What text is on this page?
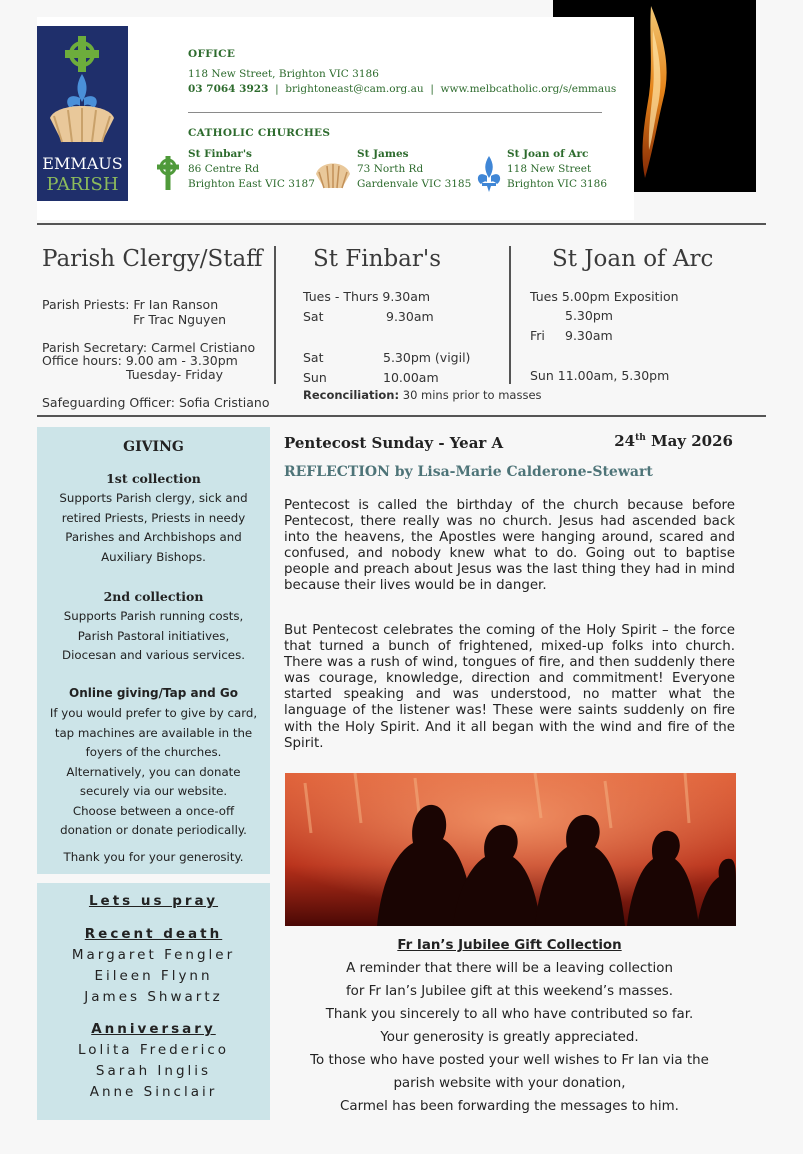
EMMAUS
PARISH
OFFICE
118 New Street, Brighton VIC 3186
03 7064 3923 | brightoneast@cam.org.au | www.melbcatholic.org/s/emmaus
CATHOLIC CHURCHES
St Finbar's
86 Centre Rd
Brighton East VIC 3187
St James
73 North Rd
Gardenvale VIC 3185
St Joan of Arc
118 New Street
Brighton VIC 3186
Parish Clergy/Staff
Parish Priests: Fr Ian Ranson
Fr Trac Nguyen
Parish Secretary: Carmel Cristiano
Office hours: 9.00 am - 3.30pm
Tuesday- Friday
Safeguarding Officer: Sofia Cristiano
St Finbar's
Tues - Thurs 9.30am
Sat	9.30am
Sat	5.30pm (vigil)
Sun	10.00am
Reconciliation: 30 mins prior to masses
St Joan of Arc
Tues 5.00pm Exposition
5.30pm
Fri 9.30am
Sun 11.00am, 5.30pm
GIVING
1st collection
Supports Parish clergy, sick and
retired Priests, Priests in needy
Parishes and Archbishops and
Auxiliary Bishops.
2nd collection
Supports Parish running costs,
Parish Pastoral initiatives,
Diocesan and various services.
Online giving/Tap and Go
If you would prefer to give by card,
tap machines are available in the
foyers of the churches.
Alternatively, you can donate
securely via our website.
Choose between a once-off
donation or donate periodically.
Thank you for your generosity.
Lets us pray
Recent death
Margaret Fengler
Eileen Flynn
James Shwartz
Anniversary
Lolita Frederico
Sarah Inglis
Anne Sinclair
Pentecost Sunday - Year A	24th May 2026
REFLECTION by Lisa-Marie Calderone-Stewart
Pentecost is called the birthday of the church because before Pentecost, there really was no church. Jesus had ascended back into the heavens, the Apostles were hanging around, scared and confused, and nobody knew what to do. Going out to baptise people and preach about Jesus was the last thing they had in mind because their lives would be in danger.
But Pentecost celebrates the coming of the Holy Spirit – the force that turned a bunch of frightened, mixed-up folks into church. There was a rush of wind, tongues of fire, and then suddenly there was courage, knowledge, direction and commitment! Everyone started speaking and was understood, no matter what the language of the listener was! These were saints suddenly on fire with the Holy Spirit. And it all began with the wind and fire of the Spirit.
Fr Ian’s Jubilee Gift Collection
A reminder that there will be a leaving collection
for Fr Ian’s Jubilee gift at this weekend’s masses.
Thank you sincerely to all who have contributed so far.
Your generosity is greatly appreciated.
To those who have posted your well wishes to Fr Ian via the
parish website with your donation,
Carmel has been forwarding the messages to him.
